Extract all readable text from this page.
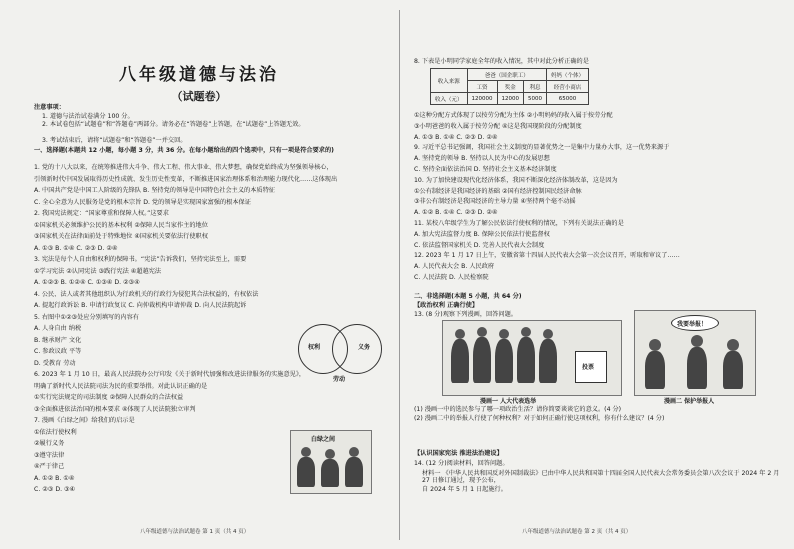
八年级道德与法治
（试题卷）
注意事项：
1. 道德与法治试卷满分 100 分。
2. 本试卷包括“试题卷”和“答题卷”两部分。请务必在“答题卷”上答题，在“试题卷”上答题无效。
3. 考试结束后，请将“试题卷”和“答题卷”一并交回。
一、选择题(本题共 12 小题，每小题 3 分，共 36 分。在每小题给出的四个选项中，只有一项是符合要求的)
1. 党的十八大以来，在统筹推进伟大斗争、伟大工程、伟大事业、伟大梦想，确保党始终成为坚强领导核心，
引领新时代中国发展取得历史性成就、发生历史性变革，不断推进国家治理体系和治理能力现代化……这体现出
A. 中国共产党是中国工人阶级的先锋队 B. 坚持党的领导是中国特色社会主义的本质特征
C. 全心全意为人民服务是党的根本宗旨 D. 党的领导是实现国家富强的根本保证
2. 我国宪法规定：“国家尊重和保障人权。”这要求
①国家机关必须维护公民的基本权利 ②保障人民当家作主的地位
③国家机关在法律面前处于特殊地位 ④国家机关要依法行使职权
A. ①③ B. ①④ C. ②③ D. ②④
3. 宪法是每个人自由和权利的保障书。“宪法”告诉我们，坚持宪法至上，需要
①学习宪法 ②认同宪法 ③践行宪法 ④超越宪法
A. ①②③ B. ①②④ C. ①③④ D. ②③④
4. 公民、法人或者其他组织认为行政机关的行政行为侵犯其合法权益的，有权依法
A. 提起行政诉讼 B. 申请行政复议 C. 向仲裁机构申请仲裁 D. 向人民法院起诉
5. 右图中①②③处应分别填写的内容有
A. 人身自由 纳税
B. 继承财产 文化
C. 参政议政 平等
D. 受教育 劳动
6. 2023 年 1 月 10 日，最高人民法院办公厅印发《关于新时代加强和改进法律服务的实施意见》，
明确了新时代人民法院司法为民的重要举措。对此认识正确的是
①实行宪法规定的司法制度 ②保障人民群众的合法权益
③全面推进依法治国的根本要求 ④体现了人民法院独立审判
7. 漫画《白绿之间》给我们的启示是
①依法行使权利
②履行义务
③遵守法律
④严于律己
A. ①② B. ①④
C. ②③ D. ③④
权利	义务
劳动
白绿之间
八年级道德与法治试题卷 第 1 页（共 4 页）
8. 下表是小明同学家庭全年的收入情况，其中对此分析正确的是
①这种分配方式体现了以按劳分配为主体 ②小明妈妈的收入属于按劳分配
③小明爸爸的收入属于按劳分配 ④这是我国现阶段的分配制度
A. ①③ B. ①④ C. ②③ D. ②④
9. 习近平总书记强调，我国社会主义制度的显著优势之一是集中力量办大事，这一优势来源于
A. 坚持党的领导 B. 坚持以人民为中心的发展思想
C. 坚持全面依法治国 D. 坚持社会主义基本经济制度
10. 为了加快建设现代化经济体系，我国不断深化经济体制改革，这是因为
①公有制经济是我国经济的基础 ②国有经济控制国民经济命脉
③非公有制经济是我国经济的主导力量 ④坚持两个毫不动摇
A. ①② B. ①④ C. ②③ D. ②④
11. 某校八年级学生为了解公民依法行使权利的情况，下列有关说法正确的是
A. 加大宪法监督力度 B. 保障公民依法行使监督权
C. 依法监督国家机关 D. 完善人民代表大会制度
12. 2023 年 1 月 17 日上午，安徽省第十四届人民代表大会第一次会议召开，听取和审议了……
A. 人民代表大会 B. 人民政府
C. 人民法院 D. 人民检察院
二、非选择题(本题 5 小题，共 64 分)
【政治权利 正确行使】
13. (8 分)观察下列漫画，回答问题。
投票
漫画一 人大代表选举
我要举报！
漫画二 保护举报人
(1) 漫画一中的选民参与了哪一项政治生活？请你简要谈谈它的意义。(4 分)
(2) 漫画二中的举报人行使了何种权利？对于如何正确行使这项权利，你有什么建议？(4 分)
【认识国家宪法 推进法治建设】
14. (12 分)阅读材料，回答问题。
材料一 《中华人民共和国反对外国制裁法》已由中华人民共和国第十四届全国人民代表大会常务委员会第八次会议于 2024 年 2 月 27 日修订通过，现予公布，
自 2024 年 5 月 1 日起施行。
八年级道德与法治试题卷 第 2 页（共 4 页）
收入来源	爸爸（国企职工）			妈妈（个体）
	工资	奖金	利息	经营小商店
收入（元）	120000	12000	5000	65000
